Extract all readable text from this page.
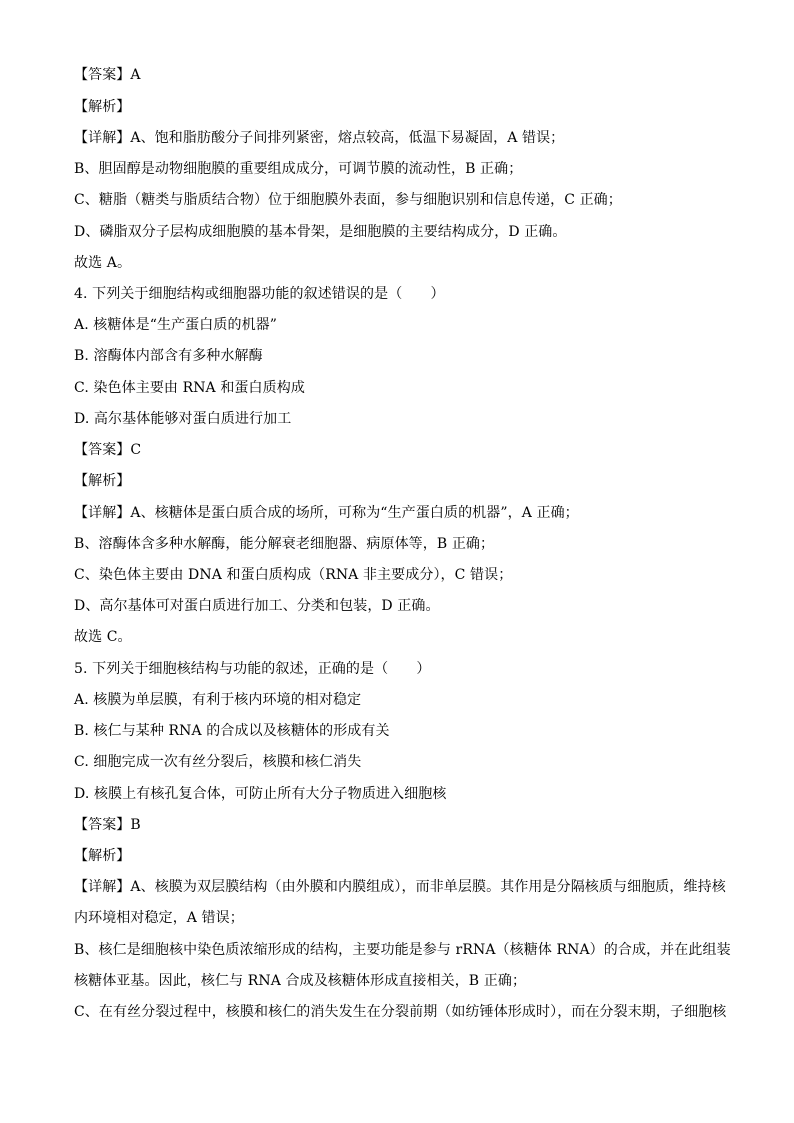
【答案】A
【解析】
【详解】A、饱和脂肪酸分子间排列紧密，熔点较高，低温下易凝固，A 错误；
B、胆固醇是动物细胞膜的重要组成成分，可调节膜的流动性，B 正确；
C、糖脂（糖类与脂质结合物）位于细胞膜外表面，参与细胞识别和信息传递，C 正确；
D、磷脂双分子层构成细胞膜的基本骨架，是细胞膜的主要结构成分，D 正确。
故选 A。
4. 下列关于细胞结构或细胞器功能的叙述错误的是（　　）
A. 核糖体是“生产蛋白质的机器”
B. 溶酶体内部含有多种水解酶
C. 染色体主要由 RNA 和蛋白质构成
D. 高尔基体能够对蛋白质进行加工
【答案】C
【解析】
【详解】A、核糖体是蛋白质合成的场所，可称为“生产蛋白质的机器”，A 正确；
B、溶酶体含多种水解酶，能分解衰老细胞器、病原体等，B 正确；
C、染色体主要由 DNA 和蛋白质构成（RNA 非主要成分），C 错误；
D、高尔基体可对蛋白质进行加工、分类和包装，D 正确。
故选 C。
5. 下列关于细胞核结构与功能的叙述，正确的是（　　）
A. 核膜为单层膜，有利于核内环境的相对稳定
B. 核仁与某种 RNA 的合成以及核糖体的形成有关
C. 细胞完成一次有丝分裂后，核膜和核仁消失
D. 核膜上有核孔复合体，可防止所有大分子物质进入细胞核
【答案】B
【解析】
【详解】A、核膜为双层膜结构（由外膜和内膜组成），而非单层膜。其作用是分隔核质与细胞质，维持核
内环境相对稳定，A 错误；
B、核仁是细胞核中染色质浓缩形成的结构，主要功能是参与 rRNA（核糖体 RNA）的合成，并在此组装
核糖体亚基。因此，核仁与 RNA 合成及核糖体形成直接相关，B 正确；
C、在有丝分裂过程中，核膜和核仁的消失发生在分裂前期（如纺锤体形成时），而在分裂末期，子细胞核
